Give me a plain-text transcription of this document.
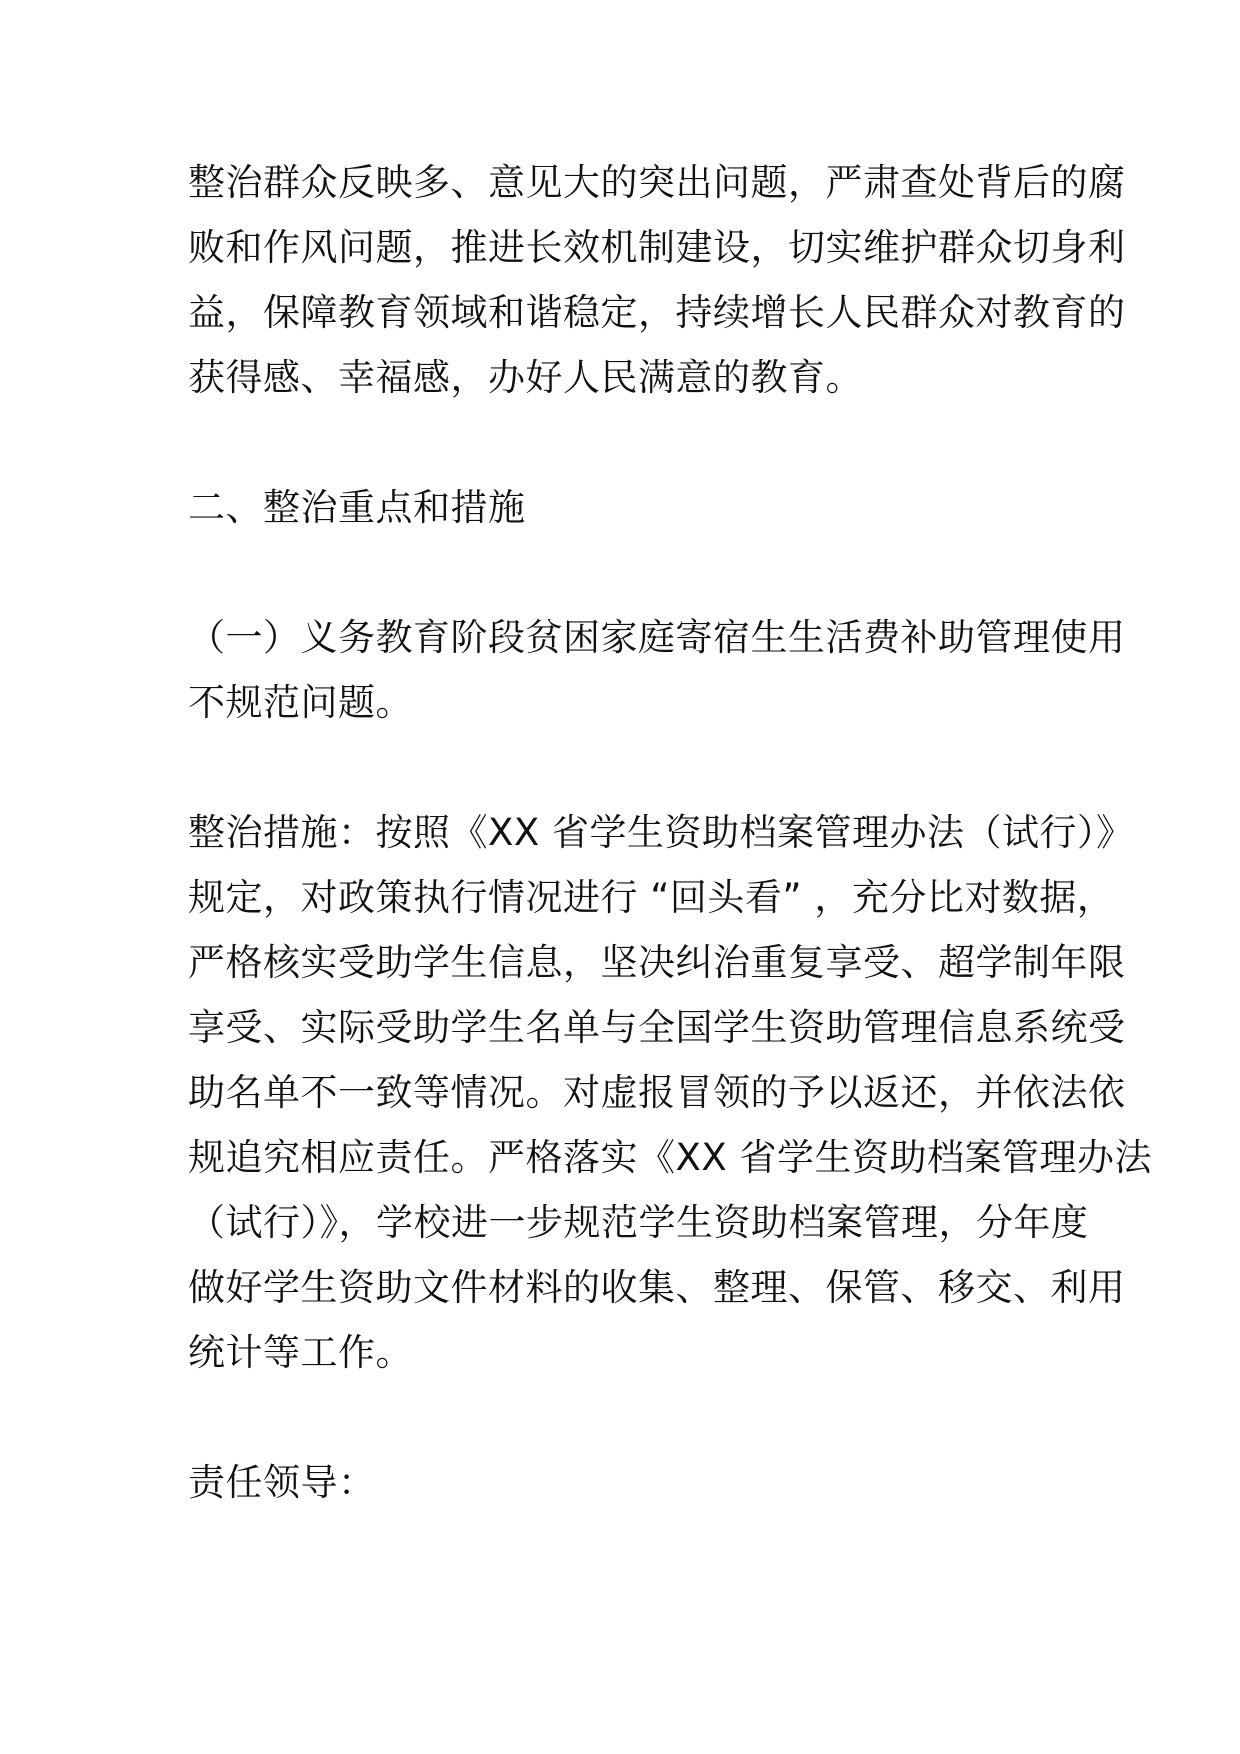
整治群众反映多、意见大的突出问题，严肃查处背后的腐
败和作风问题，推进长效机制建设，切实维护群众切身利
益，保障教育领域和谐稳定，持续增长人民群众对教育的
获得感、幸福感，办好人民满意的教育。
二、整治重点和措施
（一）义务教育阶段贫困家庭寄宿生生活费补助管理使用
不规范问题。
整治措施：按照《XX 省学生资助档案管理办法（试行）》
规定，对政策执行情况进行 “回头看” ，充分比对数据，
严格核实受助学生信息，坚决纠治重复享受、超学制年限
享受、实际受助学生名单与全国学生资助管理信息系统受
助名单不一致等情况。对虚报冒领的予以返还，并依法依
规追究相应责任。严格落实《XX 省学生资助档案管理办法
（试行）》，学校进一步规范学生资助档案管理，分年度
做好学生资助文件材料的收集、整理、保管、移交、利用
统计等工作。
责任领导：
